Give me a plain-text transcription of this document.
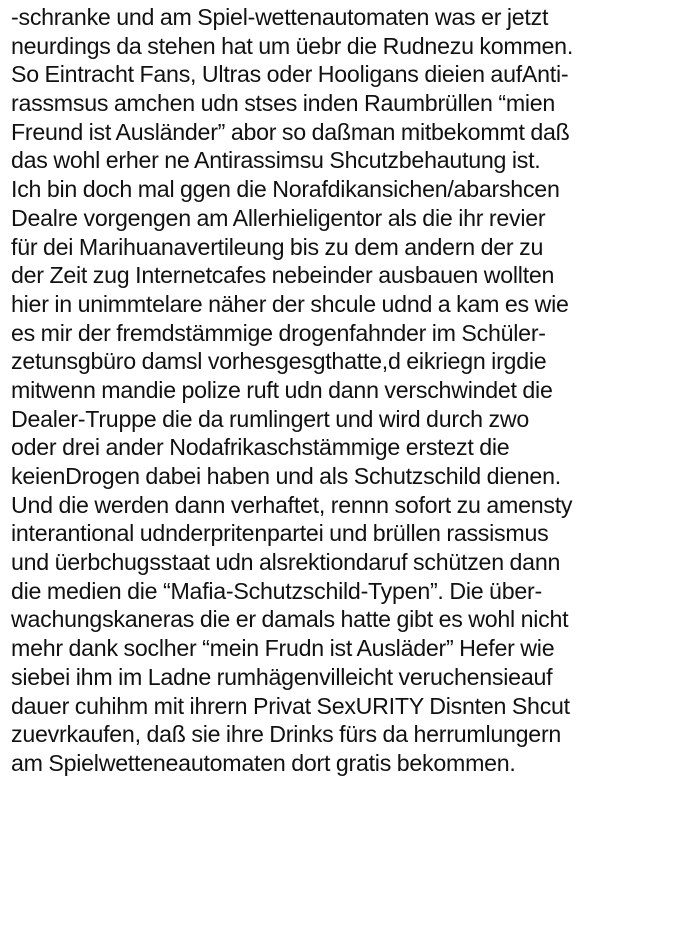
-schranke und am Spiel-wettenautomaten was er jetzt
neurdings da stehen hat um üebr die Rudnezu kommen.
So Eintracht Fans, Ultras oder Hooligans dieien aufAnti-
rassmsus amchen udn stses inden Raumbrüllen “mien
Freund ist Ausländer” abor so daßman mitbekommt daß
das wohl erher ne Antirassimsu Shcutzbehautung ist.
Ich bin doch mal ggen die Norafdikansichen/abarshcen
Dealre vorgengen am Allerhieligentor als die ihr revier
für dei Marihuanavertileung bis zu dem andern der zu
der Zeit zug Internetcafes nebeinder ausbauen wollten
hier in unimmtelare näher der shcule udnd a kam es wie
es mir der fremdstämmige drogenfahnder im Schüler-
zetunsgbüro damsl vorhesgesgthatte,d eikriegn irgdie
mitwenn mandie polize ruft udn dann verschwindet die
Dealer-Truppe die da rumlingert und wird durch zwo
oder drei ander Nodafrikaschstämmige erstezt die
keienDrogen dabei haben und als Schutzschild dienen.
Und die werden dann verhaftet, rennn sofort zu amensty
interantional udnderpritenpartei und brüllen rassismus
und üerbchugsstaat udn alsrektiondaruf schützen dann
die medien die “Mafia-Schutzschild-Typen”. Die über-
wachungskaneras die er damals hatte gibt es wohl nicht
mehr dank soclher “mein Frudn ist Ausläder” Hefer wie
siebei ihm im Ladne rumhägenvilleicht veruchensieauf
dauer cuhihm mit ihrern Privat SexURITY Disnten Shcut
zuevrkaufen, daß sie ihre Drinks fürs da herrumlungern
am Spielwetteneautomaten dort gratis bekommen.
